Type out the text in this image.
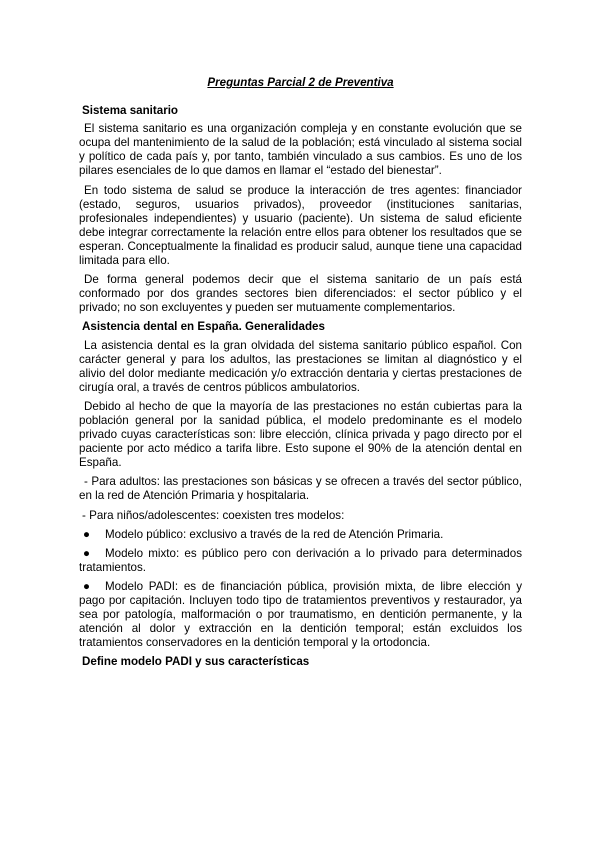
Preguntas Parcial 2 de Preventiva
Sistema sanitario

El sistema sanitario es una organización compleja y en constante evolución que se ocupa del mantenimiento de la salud de la población; está vinculado al sistema social y político de cada país y, por tanto, también vinculado a sus cambios. Es uno de los pilares esenciales de lo que damos en llamar el “estado del bienestar”.

En todo sistema de salud se produce la interacción de tres agentes: financiador (estado, seguros, usuarios privados), proveedor (instituciones sanitarias, profesionales independientes) y usuario (paciente). Un sistema de salud eficiente debe integrar correctamente la relación entre ellos para obtener los resultados que se esperan. Conceptualmente la finalidad es producir salud, aunque tiene una capacidad limitada para ello.

De forma general podemos decir que el sistema sanitario de un país está conformado por dos grandes sectores bien diferenciados: el sector público y el privado; no son excluyentes y pueden ser mutuamente complementarios.

Asistencia dental en España. Generalidades

La asistencia dental es la gran olvidada del sistema sanitario público español. Con carácter general y para los adultos, las prestaciones se limitan al diagnóstico y el alivio del dolor mediante medicación y/o extracción dentaria y ciertas prestaciones de cirugía oral, a través de centros públicos ambulatorios.

Debido al hecho de que la mayoría de las prestaciones no están cubiertas para la población general por la sanidad pública, el modelo predominante es el modelo privado cuyas características son: libre elección, clínica privada y pago directo por el paciente por acto médico a tarifa libre. Esto supone el 90% de la atención dental en España.

- Para adultos: las prestaciones son básicas y se ofrecen a través del sector público, en la red de Atención Primaria y hospitalaria.

- Para niños/adolescentes: coexisten tres modelos:

● Modelo público: exclusivo a través de la red de Atención Primaria.
● Modelo mixto: es público pero con derivación a lo privado para determinados tratamientos.
● Modelo PADI: es de financiación pública, provisión mixta, de libre elección y pago por capitación. Incluyen todo tipo de tratamientos preventivos y restaurador, ya sea por patología, malformación o por traumatismo, en dentición permanente, y la atención al dolor y extracción en la dentición temporal; están excluidos los tratamientos conservadores en la dentición temporal y la ortodoncia.
Define modelo PADI y sus características
